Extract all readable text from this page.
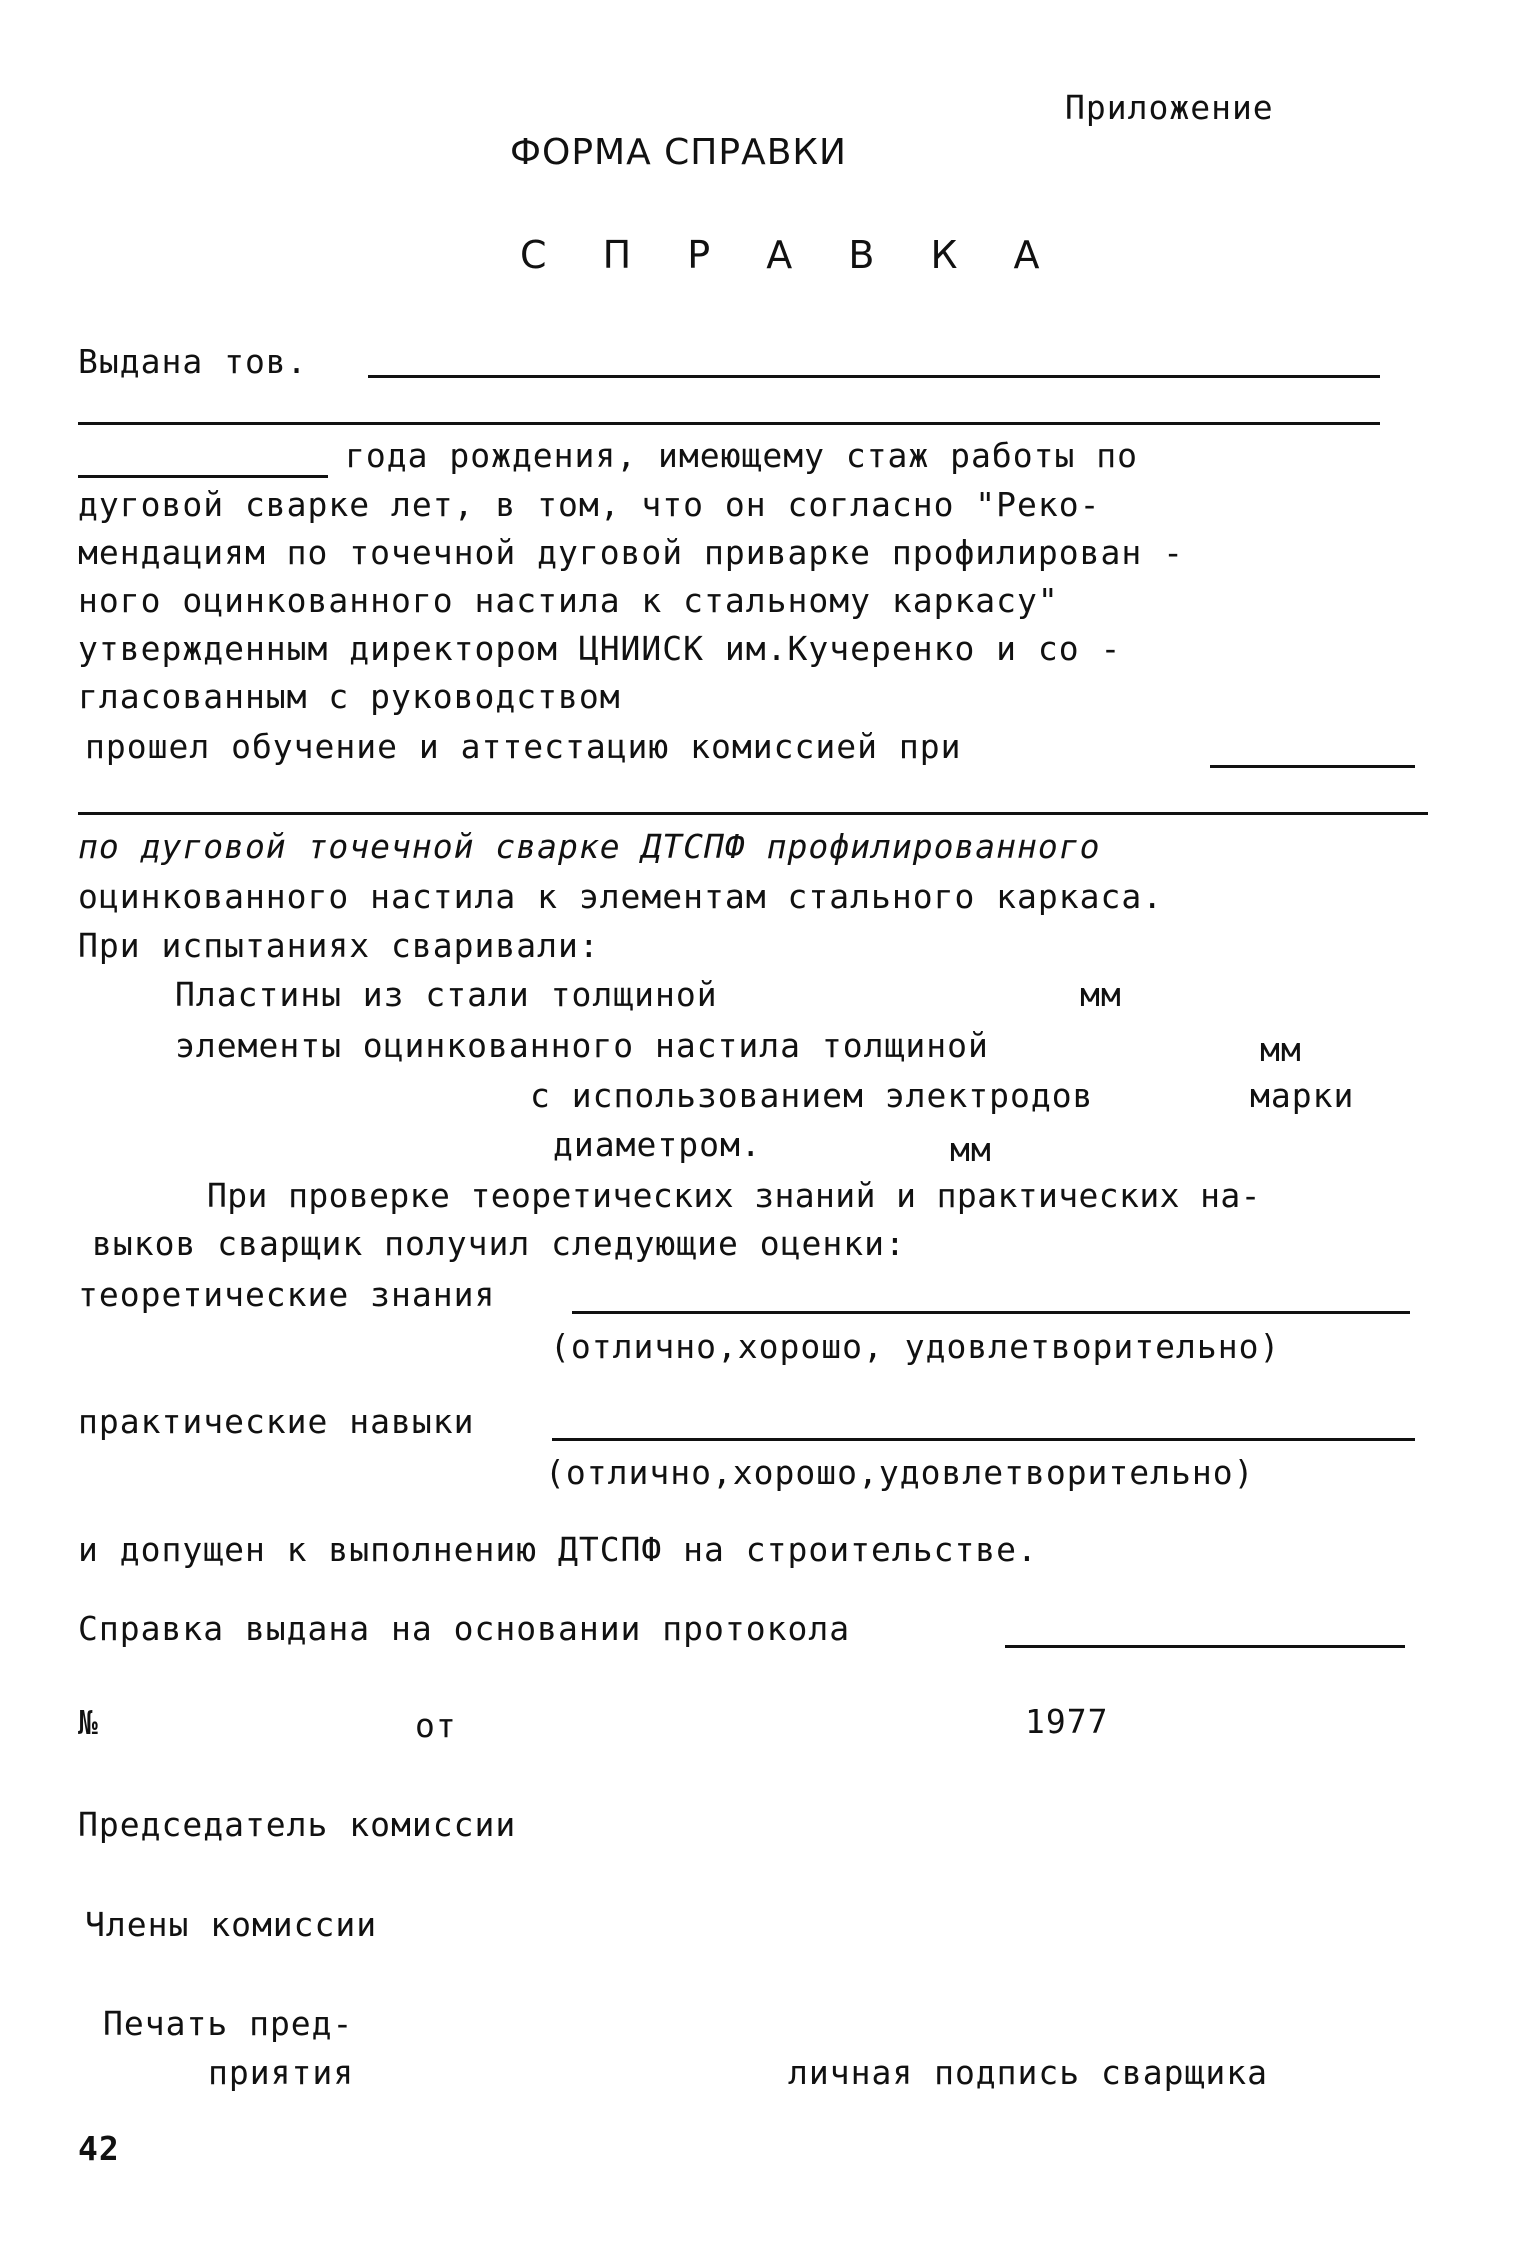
Приложение
ФОРМА СПРАВКИ
С П Р А В К А
Выдана тов.
года рождения, имеющему стаж работы по
дуговой сварке лет, в том, что он согласно "Реко-
мендациям по точечной дуговой приварке профилирован -
ного оцинкованного настила к стальному каркасу"
утвержденным директором ЦНИИСК им.Кучеренко и со -
гласованным с руководством
прошел обучение и аттестацию комиссией при
по дуговой точечной сварке ДТСПФ профилированного
оцинкованного настила к элементам стального каркаса.
При испытаниях сваривали:
Пластины из стали толщиной	мм
элементы оцинкованного настила толщиной	мм
с использованием электродов	марки
диаметром.	мм
При проверке теоретических знаний и практических на-
выков сварщик получил следующие оценки:
теоретические знания
(отлично,хорошо, удовлетворительно)
практические навыки
(отлично,хорошо,удовлетворительно)
и допущен к выполнению ДТСПФ на строительстве.
Справка выдана на основании протокола
№	от	1977
Председатель комиссии
Члены комиссии
Печать пред-
приятия	личная подпись сварщика
42
